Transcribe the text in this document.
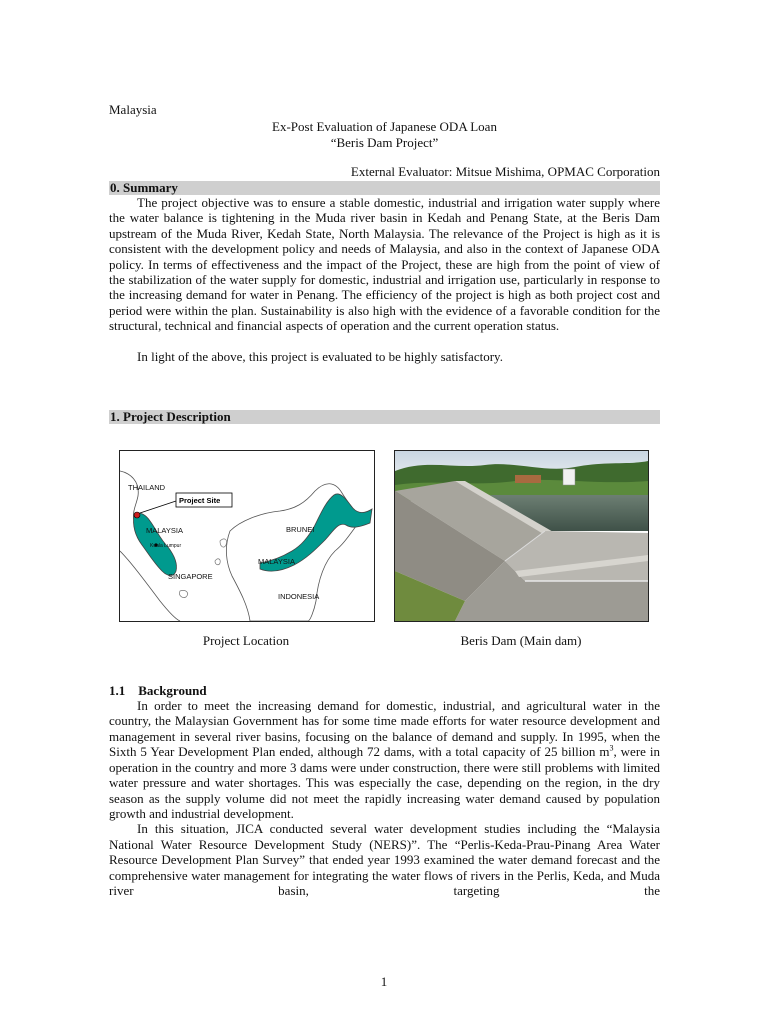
Malaysia
Ex-Post Evaluation of Japanese ODA Loan
“Beris Dam Project”
External Evaluator: Mitsue Mishima, OPMAC Corporation
0. Summary

The project objective was to ensure a stable domestic, industrial and irrigation water supply where the water balance is tightening in the Muda river basin in Kedah and Penang State, at the Beris Dam upstream of the Muda River, Kedah State, North Malaysia. The relevance of the Project is high as it is consistent with the development policy and needs of Malaysia, and also in the context of Japanese ODA policy. In terms of effectiveness and the impact of the Project, these are high from the point of view of the stabilization of the water supply for domestic, industrial and irrigation use, particularly in response to the increasing demand for water in Penang. The efficiency of the project is high as both project cost and period were within the plan. Sustainability is also high with the evidence of a favorable condition for the structural, technical and financial aspects of operation and the current operation status.

In light of the above, this project is evaluated to be highly satisfactory.

1. Project Description
Project Site
THAILAND
MALAYSIA
Kuala Lumpur
SINGAPORE
BRUNEI
MALAYSIA
INDONESIA
Project Location	Beris Dam (Main dam)
1.1 Background

In order to meet the increasing demand for domestic, industrial, and agricultural water in the country, the Malaysian Government has for some time made efforts for water resource development and management in several river basins, focusing on the balance of demand and supply. In 1995, when the Sixth 5 Year Development Plan ended, although 72 dams, with a total capacity of 25 billion $m^3$, were in operation in the country and more 3 dams were under construction, there were still problems with limited water pressure and water shortages. This was especially the case, depending on the region, in the dry season as the supply volume did not meet the rapidly increasing water demand caused by population growth and industrial development.

In this situation, JICA conducted several water development studies including the “Malaysia National Water Resource Development Study (NERS)”. The “Perlis-Keda-Prau-Pinang Area Water Resource Development Plan Survey” that ended year 1993 examined the water demand forecast and the comprehensive water management for integrating the water flows of rivers in the Perlis, Keda, and Muda river basin, targeting the

1
